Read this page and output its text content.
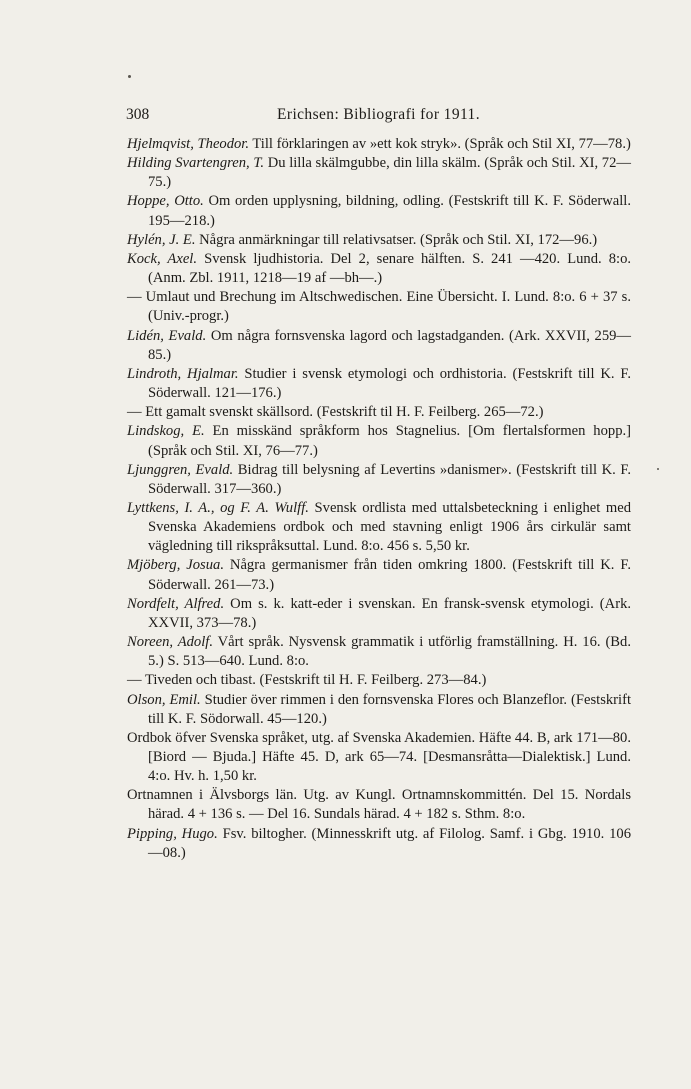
308	Erichsen: Bibliografi for 1911.
Hjelmqvist, Theodor. Till förklaringen av »ett kok stryk». (Språk och Stil XI, 77—78.)
Hilding Svartengren, T. Du lilla skälmgubbe, din lilla skälm. (Språk och Stil. XI, 72—75.)
Hoppe, Otto. Om orden upplysning, bildning, odling. (Festskrift till K. F. Söderwall. 195—218.)
Hylén, J. E. Några anmärkningar till relativsatser. (Språk och Stil. XI, 172—96.)
Kock, Axel. Svensk ljudhistoria. Del 2, senare hälften. S. 241 —420. Lund. 8:o. (Anm. Zbl. 1911, 1218—19 af —bh—.)
— Umlaut und Brechung im Altschwedischen. Eine Übersicht. I. Lund. 8:o. 6 + 37 s. (Univ.-progr.)
Lidén, Evald. Om några fornsvenska lagord och lagstadganden. (Ark. XXVII, 259—85.)
Lindroth, Hjalmar. Studier i svensk etymologi och ordhistoria. (Festskrift till K. F. Söderwall. 121—176.)
— Ett gamalt svenskt skällsord. (Festskrift til H. F. Feilberg. 265—72.)
Lindskog, E. En misskänd språkform hos Stagnelius. [Om flertalsformen hopp.] (Språk och Stil. XI, 76—77.)
Ljunggren, Evald. Bidrag till belysning af Levertins »danismer». (Festskrift till K. F. Söderwall. 317—360.)
Lyttkens, I. A., og F. A. Wulff. Svensk ordlista med uttalsbeteckning i enlighet med Svenska Akademiens ordbok och med stavning enligt 1906 års cirkulär samt vägledning till rikspråksuttal. Lund. 8:o. 456 s. 5,50 kr.
Mjöberg, Josua. Några germanismer från tiden omkring 1800. (Festskrift till K. F. Söderwall. 261—73.)
Nordfelt, Alfred. Om s. k. katt-eder i svenskan. En fransk-svensk etymologi. (Ark. XXVII, 373—78.)
Noreen, Adolf. Vårt språk. Nysvensk grammatik i utförlig framställning. H. 16. (Bd. 5.) S. 513—640. Lund. 8:o.
— Tiveden och tibast. (Festskrift til H. F. Feilberg. 273—84.)
Olson, Emil. Studier över rimmen i den fornsvenska Flores och Blanzeflor. (Festskrift till K. F. Södorwall. 45—120.)
Ordbok öfver Svenska språket, utg. af Svenska Akademien. Häfte 44. B, ark 171—80. [Biord — Bjuda.] Häfte 45. D, ark 65—74. [Desmansråtta—Dialektisk.] Lund. 4:o. Hv. h. 1,50 kr.
Ortnamnen i Älvsborgs län. Utg. av Kungl. Ortnamnskommittén. Del 15. Nordals härad. 4 + 136 s. — Del 16. Sundals härad. 4 + 182 s. Sthm. 8:o.
Pipping, Hugo. Fsv. biltogher. (Minnesskrift utg. af Filolog. Samf. i Gbg. 1910. 106—08.)
